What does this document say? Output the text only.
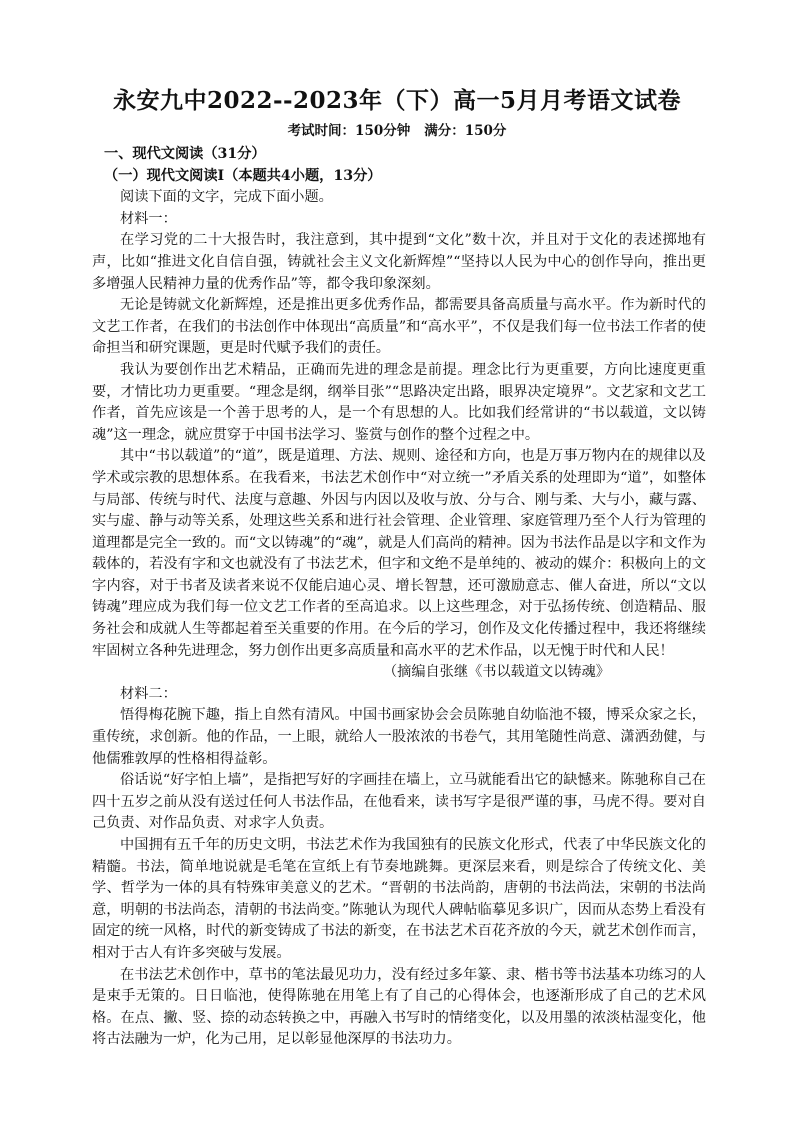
永安九中2022--2023年（下）高一5月月考语文试卷
考试时间：150分钟 满分：150分

一、现代文阅读（31分）

（一）现代文阅读Ⅰ（本题共4小题，13分）

阅读下面的文字，完成下面小题。

材料一：

在学习党的二十大报告时，我注意到，其中提到“文化”数十次，并且对于文化的表述掷地有声，比如“推进文化自信自强，铸就社会主义文化新辉煌”“坚持以人民为中心的创作导向，推出更多增强人民精神力量的优秀作品”等，都令我印象深刻。

无论是铸就文化新辉煌，还是推出更多优秀作品，都需要具备高质量与高水平。作为新时代的文艺工作者，在我们的书法创作中体现出“高质量”和“高水平”，不仅是我们每一位书法工作者的使命担当和研究课题，更是时代赋予我们的责任。

我认为要创作出艺术精品，正确而先进的理念是前提。理念比行为更重要，方向比速度更重要，才情比功力更重要。“理念是纲，纲举目张”“思路决定出路，眼界决定境界”。文艺家和文艺工作者，首先应该是一个善于思考的人，是一个有思想的人。比如我们经常讲的“书以载道，文以铸魂”这一理念，就应贯穿于中国书法学习、鉴赏与创作的整个过程之中。

其中“书以载道”的“道”，既是道理、方法、规则、途径和方向，也是万事万物内在的规律以及学术或宗教的思想体系。在我看来，书法艺术创作中“对立统一”矛盾关系的处理即为“道”，如整体与局部、传统与时代、法度与意趣、外因与内因以及收与放、分与合、刚与柔、大与小，藏与露、实与虚、静与动等关系，处理这些关系和进行社会管理、企业管理、家庭管理乃至个人行为管理的道理都是完全一致的。而“文以铸魂”的“魂”，就是人们高尚的精神。因为书法作品是以字和文作为载体的，若没有字和文也就没有了书法艺术，但字和文绝不是单纯的、被动的媒介：积极向上的文字内容，对于书者及读者来说不仅能启迪心灵、增长智慧，还可激励意志、催人奋进，所以“文以铸魂”理应成为我们每一位文艺工作者的至高追求。以上这些理念，对于弘扬传统、创造精品、服务社会和成就人生等都起着至关重要的作用。在今后的学习，创作及文化传播过程中，我还将继续牢固树立各种先进理念，努力创作出更多高质量和高水平的艺术作品，以无愧于时代和人民！

（摘编自张继《书以载道文以铸魂》

材料二：

悟得梅花腕下趣，指上自然有清风。中国书画家协会会员陈驰自幼临池不辍，博采众家之长，重传统，求创新。他的作品，一上眼，就给人一股浓浓的书卷气，其用笔随性尚意、潇洒劲健，与他儒雅敦厚的性格相得益彰。

俗话说“好字怕上墙”，是指把写好的字画挂在墙上，立马就能看出它的缺憾来。陈驰称自己在四十五岁之前从没有送过任何人书法作品，在他看来，读书写字是很严谨的事，马虎不得。要对自己负责、对作品负责、对求字人负责。

中国拥有五千年的历史文明，书法艺术作为我国独有的民族文化形式，代表了中华民族文化的精髓。书法，简单地说就是毛笔在宣纸上有节奏地跳舞。更深层来看，则是综合了传统文化、美学、哲学为一体的具有特殊审美意义的艺术。“晋朝的书法尚韵，唐朝的书法尚法，宋朝的书法尚意，明朝的书法尚态，清朝的书法尚变。”陈驰认为现代人碑帖临摹见多识广，因而从态势上看没有固定的统一风格，时代的新变铸成了书法的新变，在书法艺术百花齐放的今天，就艺术创作而言，相对于古人有许多突破与发展。

在书法艺术创作中，草书的笔法最见功力，没有经过多年篆、隶、楷书等书法基本功练习的人是束手无策的。日日临池，使得陈驰在用笔上有了自己的心得体会，也逐渐形成了自己的艺术风格。在点、撇、竖、捺的动态转换之中，再融入书写时的情绪变化，以及用墨的浓淡枯湿变化，他将古法融为一炉，化为己用，足以彰显他深厚的书法功力。
